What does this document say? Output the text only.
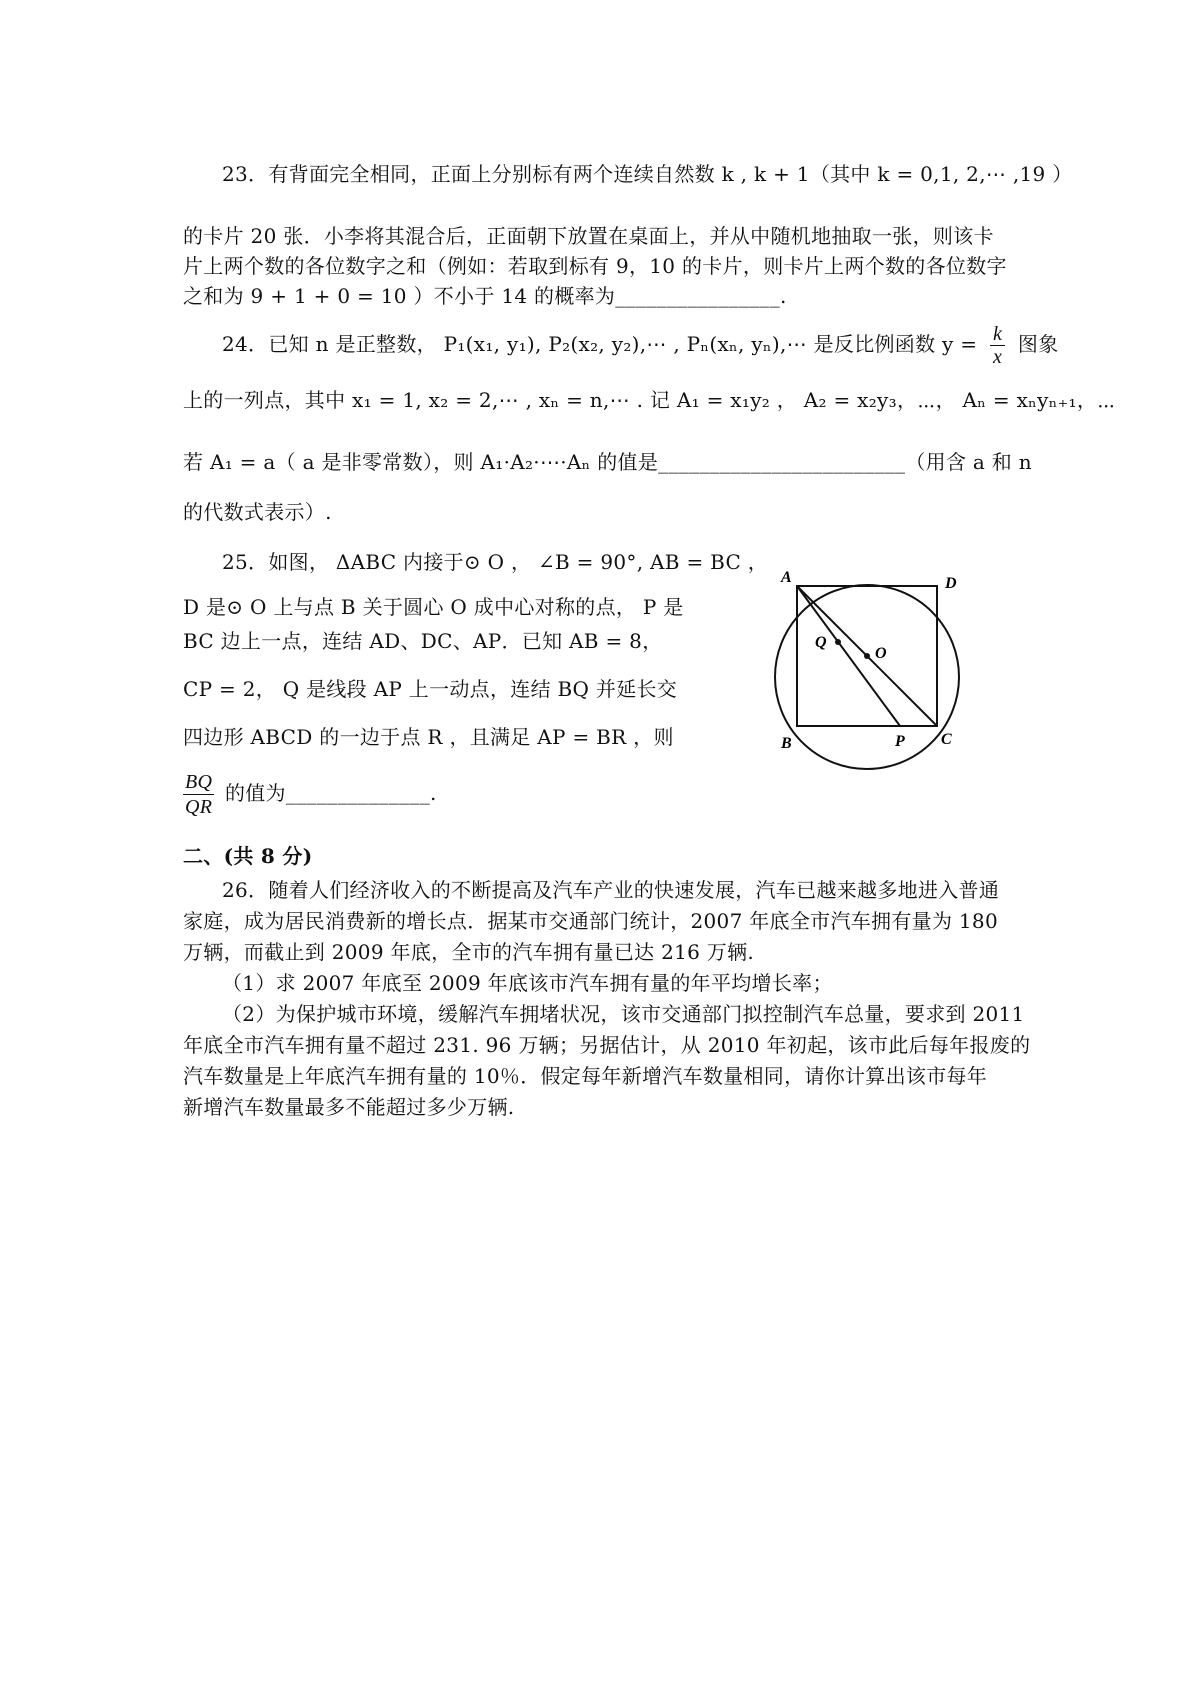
23．有背面完全相同，正面上分别标有两个连续自然数 k , k + 1（其中 k = 0,1, 2,⋯ ,19 ）
的卡片 20 张．小李将其混合后，正面朝下放置在桌面上，并从中随机地抽取一张，则该卡
片上两个数的各位数字之和（例如：若取到标有 9，10 的卡片，则卡片上两个数的各位数字
之和为 9 + 1 + 0 = 10 ）不小于 14 的概率为________________.
24．已知 n 是正整数， P₁(x₁, y₁), P₂(x₂, y₂),⋯ , Pₙ(xₙ, yₙ),⋯ 是反比例函数 $y = \frac{k}{x}$ 图象
上的一列点，其中 x₁ = 1, x₂ = 2,⋯ , xₙ = n,⋯ . 记 A₁ = x₁y₂ ， A₂ = x₂y₃，⋯， Aₙ = xₙyₙ₊₁，⋯
若 A₁ = a（ a 是非零常数），则 A₁·A₂·⋯·Aₙ 的值是________________________（用含 a 和 n
的代数式表示）.
25．如图， ΔABC 内接于⊙ O ， ∠B = 90°, AB = BC ，
D 是⊙ O 上与点 B 关于圆心 O 成中心对称的点， P 是
BC 边上一点，连结 AD、DC、AP．已知 AB = 8，
CP = 2， Q 是线段 AP 上一动点，连结 BQ 并延长交
四边形 ABCD 的一边于点 R ，且满足 AP = BR ，则
$\frac{BQ}{QR}$ 的值为______________.
A	D
B	C
P
Q
O
二、(共 8 分)
26．随着人们经济收入的不断提高及汽车产业的快速发展，汽车已越来越多地进入普通
家庭，成为居民消费新的增长点．据某市交通部门统计，2007 年底全市汽车拥有量为 180
万辆，而截止到 2009 年底，全市的汽车拥有量已达 216 万辆.
（1）求 2007 年底至 2009 年底该市汽车拥有量的年平均增长率；
（2）为保护城市环境，缓解汽车拥堵状况，该市交通部门拟控制汽车总量，要求到 2011
年底全市汽车拥有量不超过 231. 96 万辆；另据估计，从 2010 年初起，该市此后每年报废的
汽车数量是上年底汽车拥有量的 10％．假定每年新增汽车数量相同，请你计算出该市每年
新增汽车数量最多不能超过多少万辆.
